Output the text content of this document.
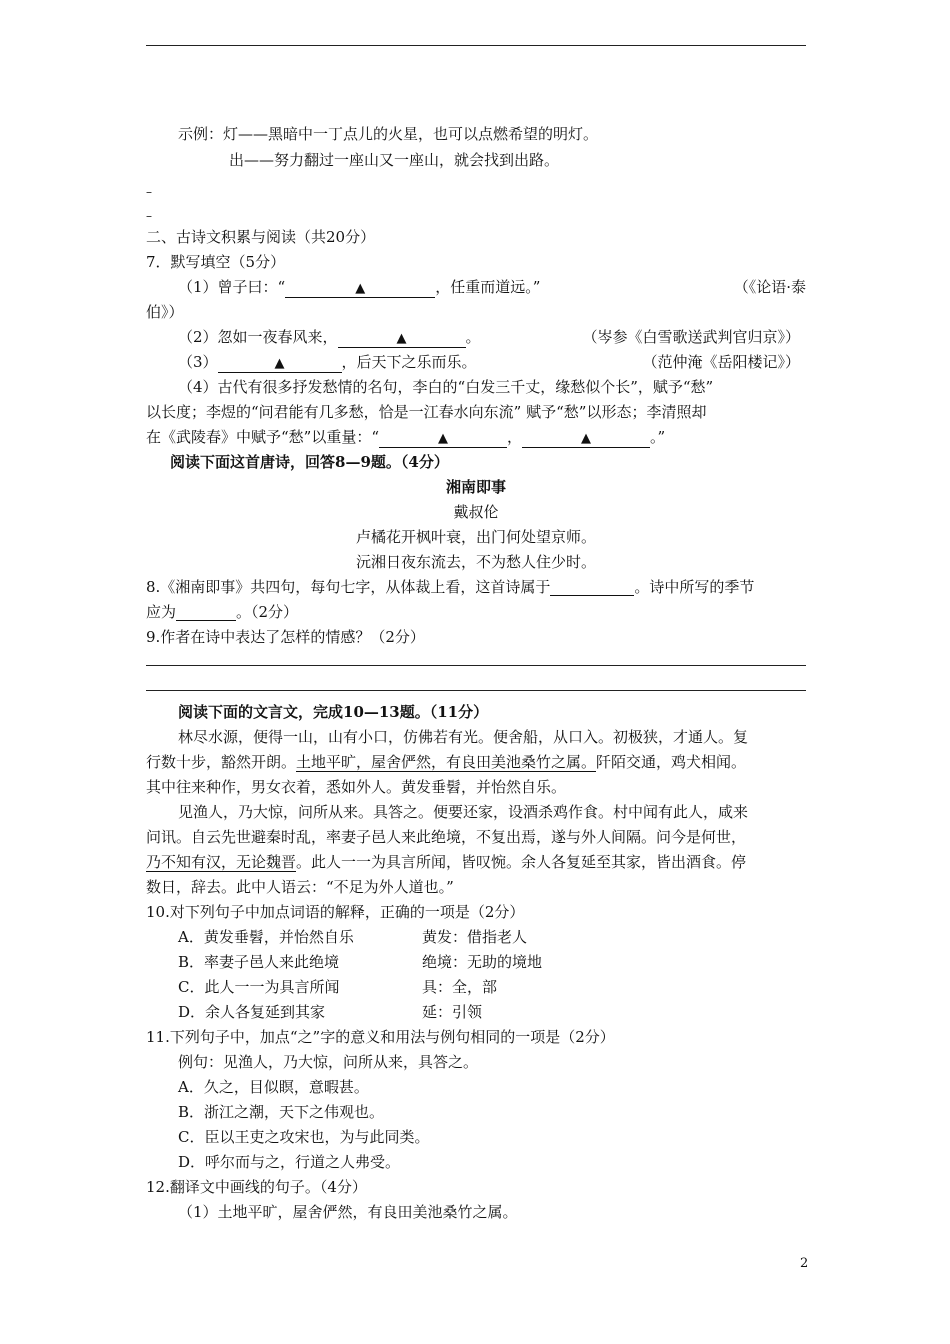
示例：灯——黑暗中一丁点儿的火星，也可以点燃希望的明灯。
出——努力翻过一座山又一座山，就会找到出路。
–
–
二、古诗文积累与阅读（共20分）
7．默写填空（5分）
（1）曾子曰：“	▲	，任重而道远。”	（《论语·泰
伯》）
（2）忽如一夜春风来，	▲	。	（岑参《白雪歌送武判官归京》）
（3）	▲	，后天下之乐而乐。	（范仲淹《岳阳楼记》）
（4）古代有很多抒发愁情的名句，李白的“白发三千丈，缘愁似个长”，赋予“愁”
以长度；李煜的“问君能有几多愁，恰是一江春水向东流” 赋予“愁”以形态；李清照却
在《武陵春》中赋予“愁”以重量：“	▲	，	▲	。”
阅读下面这首唐诗，回答8—9题。（4分）
湘南即事
戴叔伦
卢橘花开枫叶衰，出门何处望京师。
沅湘日夜东流去，不为愁人住少时。
8.《湘南即事》共四句，每句七字，从体裁上看，这首诗属于	。诗中所写的季节
应为	。（2分）
9.作者在诗中表达了怎样的情感？（2分）
阅读下面的文言文，完成10—13题。（11分）
林尽水源，便得一山，山有小口，仿佛若有光。便舍船，从口入。初极狭，才通人。复
行数十步，豁然开朗。土地平旷，屋舍俨然，有良田美池桑竹之属。阡陌交通，鸡犬相闻。
其中往来种作，男女衣着，悉如外人。黄发垂髫，并怡然自乐。
见渔人，乃大惊，问所从来。具答之。便要还家，设酒杀鸡作食。村中闻有此人，咸来
问讯。自云先世避秦时乱，率妻子邑人来此绝境，不复出焉，遂与外人间隔。问今是何世，
乃不知有汉，无论魏晋。此人一一为具言所闻，皆叹惋。余人各复延至其家，皆出酒食。停
数日，辞去。此中人语云：“不足为外人道也。”
10.对下列句子中加点词语的解释，正确的一项是（2分）
A．黄发垂髫，并怡然自乐	黄发：借指老人
B．率妻子邑人来此绝境	绝境：无助的境地
C．此人一一为具言所闻	具：全，部
D．余人各复延到其家	延：引领
11.下列句子中，加点“之”字的意义和用法与例句相同的一项是（2分）
例句：见渔人，乃大惊，问所从来，具答之。
A．久之，目似瞑，意暇甚。
B．浙江之潮，天下之伟观也。
C．臣以王吏之攻宋也，为与此同类。
D．呼尔而与之，行道之人弗受。
12.翻译文中画线的句子。（4分）
（1）土地平旷，屋舍俨然，有良田美池桑竹之属。
2
